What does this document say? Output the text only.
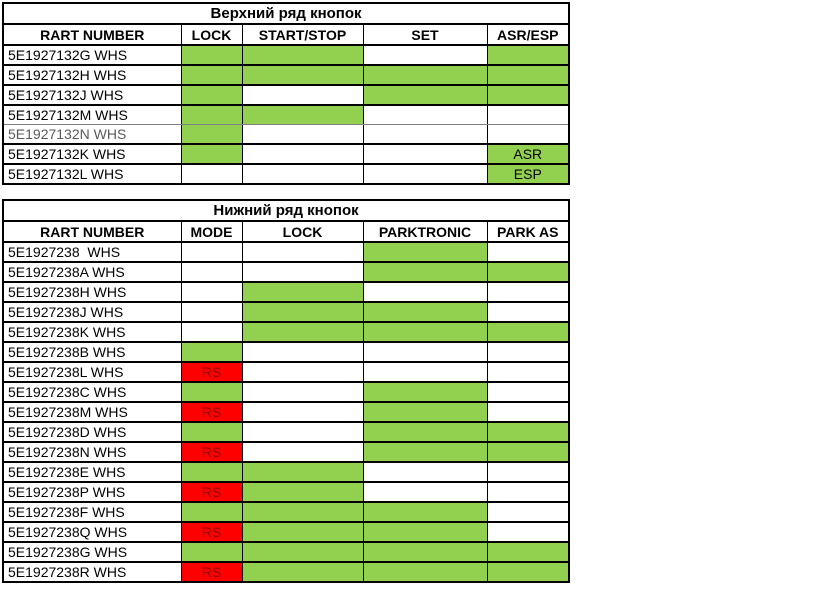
Верхний ряд кнопок				
RART NUMBER	LOCK	START/STOP	SET	ASR/ESP
5E1927132G WHS				
5E1927132H WHS				
5E1927132J WHS				
5E1927132M WHS				
5E1927132N WHS				
5E1927132K WHS				ASR
5E1927132L WHS				ESP
Нижний ряд кнопок				
RART NUMBER	MODE	LOCK	PARKTRONIC	PARK AS
5E1927238  WHS				
5E1927238A WHS				
5E1927238H WHS				
5E1927238J WHS				
5E1927238K WHS				
5E1927238B WHS				
5E1927238L WHS	RS			
5E1927238C WHS				
5E1927238M WHS	RS			
5E1927238D WHS				
5E1927238N WHS	RS			
5E1927238E WHS				
5E1927238P WHS	RS			
5E1927238F WHS				
5E1927238Q WHS	RS			
5E1927238G WHS				
5E1927238R WHS	RS			
